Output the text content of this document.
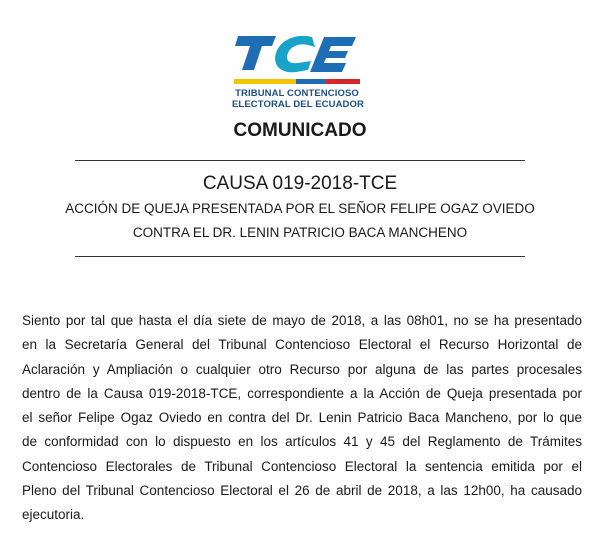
TRIBUNAL CONTENCIOSO
ELECTORAL DEL ECUADOR
COMUNICADO
CAUSA 019-2018-TCE
ACCIÓN DE QUEJA PRESENTADA POR EL SEÑOR FELIPE OGAZ OVIEDO
CONTRA EL DR. LENIN PATRICIO BACA MANCHENO
Siento por tal que hasta el día siete de mayo de 2018, a las 08h01, no se ha presentado
en la Secretaría General del Tribunal Contencioso Electoral el Recurso Horizontal de
Aclaración y Ampliación o cualquier otro Recurso por alguna de las partes procesales
dentro de la Causa 019-2018-TCE, correspondiente a la Acción de Queja presentada por
el señor Felipe Ogaz Oviedo en contra del Dr. Lenin Patricio Baca Mancheno, por lo que
de conformidad con lo dispuesto en los artículos 41 y 45 del Reglamento de Trámites
Contencioso Electorales de Tribunal Contencioso Electoral la sentencia emitida por el
Pleno del Tribunal Contencioso Electoral el 26 de abril de 2018, a las 12h00, ha causado
ejecutoria.
